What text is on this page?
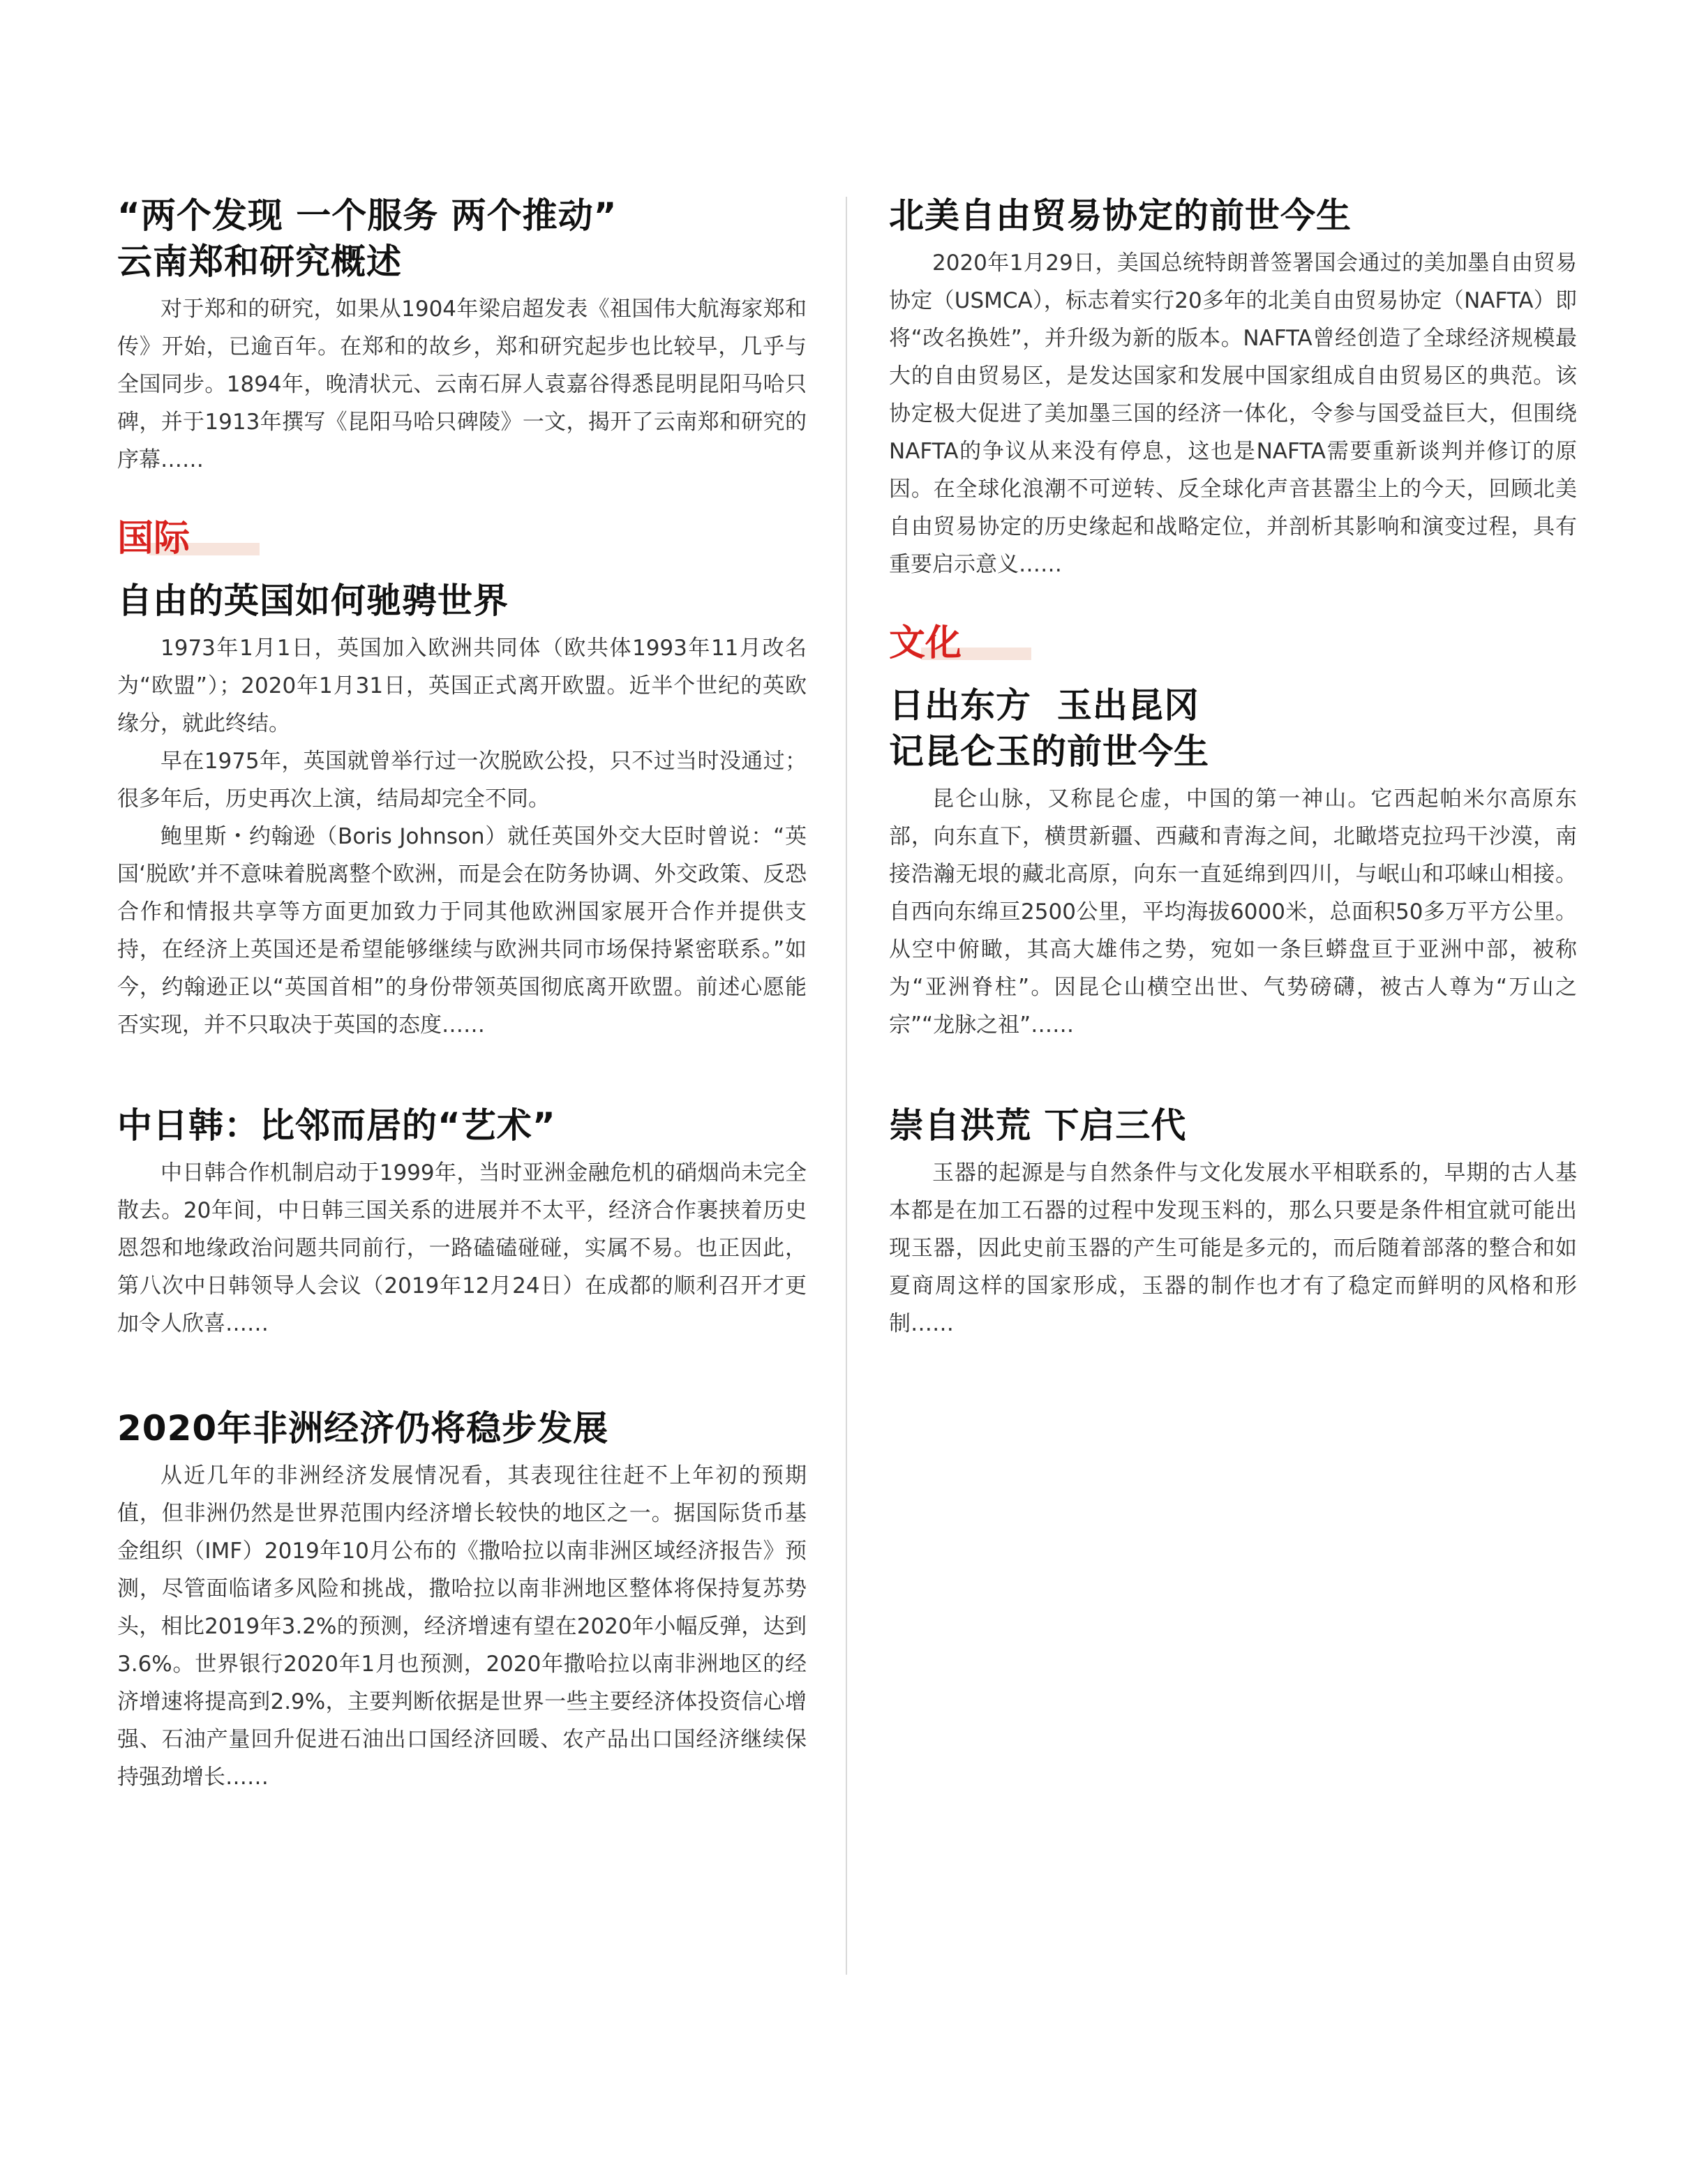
“两个发现 一个服务 两个推动”
云南郑和研究概述

对于郑和的研究，如果从1904年梁启超发表《祖国伟大航海家郑和传》开始，已逾百年。在郑和的故乡，郑和研究起步也比较早，几乎与全国同步。1894年，晚清状元、云南石屏人袁嘉谷得悉昆明昆阳马哈只碑，并于1913年撰写《昆阳马哈只碑陵》一文，揭开了云南郑和研究的序幕……

国际
自由的英国如何驰骋世界

1973年1月1日，英国加入欧洲共同体（欧共体1993年11月改名为“欧盟”）；2020年1月31日，英国正式离开欧盟。近半个世纪的英欧缘分，就此终结。

早在1975年，英国就曾举行过一次脱欧公投，只不过当时没通过；很多年后，历史再次上演，结局却完全不同。

鲍里斯・约翰逊（Boris Johnson）就任英国外交大臣时曾说：“英国‘脱欧’并不意味着脱离整个欧洲，而是会在防务协调、外交政策、反恐合作和情报共享等方面更加致力于同其他欧洲国家展开合作并提供支持，在经济上英国还是希望能够继续与欧洲共同市场保持紧密联系。”如今，约翰逊正以“英国首相”的身份带领英国彻底离开欧盟。前述心愿能否实现，并不只取决于英国的态度……

中日韩：比邻而居的“艺术”

中日韩合作机制启动于1999年，当时亚洲金融危机的硝烟尚未完全散去。20年间，中日韩三国关系的进展并不太平，经济合作裹挟着历史恩怨和地缘政治问题共同前行，一路磕磕碰碰，实属不易。也正因此，第八次中日韩领导人会议（2019年12月24日）在成都的顺利召开才更加令人欣喜……

2020年非洲经济仍将稳步发展

从近几年的非洲经济发展情况看，其表现往往赶不上年初的预期值，但非洲仍然是世界范围内经济增长较快的地区之一。据国际货币基金组织（IMF）2019年10月公布的《撒哈拉以南非洲区域经济报告》预测，尽管面临诸多风险和挑战，撒哈拉以南非洲地区整体将保持复苏势头，相比2019年3.2%的预测，经济增速有望在2020年小幅反弹，达到3.6%。世界银行2020年1月也预测，2020年撒哈拉以南非洲地区的经济增速将提高到2.9%，主要判断依据是世界一些主要经济体投资信心增强、石油产量回升促进石油出口国经济回暖、农产品出口国经济继续保持强劲增长……

北美自由贸易协定的前世今生

2020年1月29日，美国总统特朗普签署国会通过的美加墨自由贸易协定（USMCA），标志着实行20多年的北美自由贸易协定（NAFTA）即将“改名换姓”，并升级为新的版本。NAFTA曾经创造了全球经济规模最大的自由贸易区，是发达国家和发展中国家组成自由贸易区的典范。该协定极大促进了美加墨三国的经济一体化，令参与国受益巨大，但围绕NAFTA的争议从来没有停息，这也是NAFTA需要重新谈判并修订的原因。在全球化浪潮不可逆转、反全球化声音甚嚣尘上的今天，回顾北美自由贸易协定的历史缘起和战略定位，并剖析其影响和演变过程，具有重要启示意义……

文化
日出东方  玉出昆冈
记昆仑玉的前世今生

昆仑山脉，又称昆仑虚，中国的第一神山。它西起帕米尔高原东部，向东直下，横贯新疆、西藏和青海之间，北瞰塔克拉玛干沙漠，南接浩瀚无垠的藏北高原，向东一直延绵到四川，与岷山和邛崃山相接。自西向东绵亘2500公里，平均海拔6000米，总面积50多万平方公里。从空中俯瞰，其高大雄伟之势，宛如一条巨蟒盘亘于亚洲中部，被称为“亚洲脊柱”。因昆仑山横空出世、气势磅礴，被古人尊为“万山之宗”“龙脉之祖”……

崇自洪荒 下启三代

玉器的起源是与自然条件与文化发展水平相联系的，早期的古人基本都是在加工石器的过程中发现玉料的，那么只要是条件相宜就可能出现玉器，因此史前玉器的产生可能是多元的，而后随着部落的整合和如夏商周这样的国家形成，玉器的制作也才有了稳定而鲜明的风格和形制……
